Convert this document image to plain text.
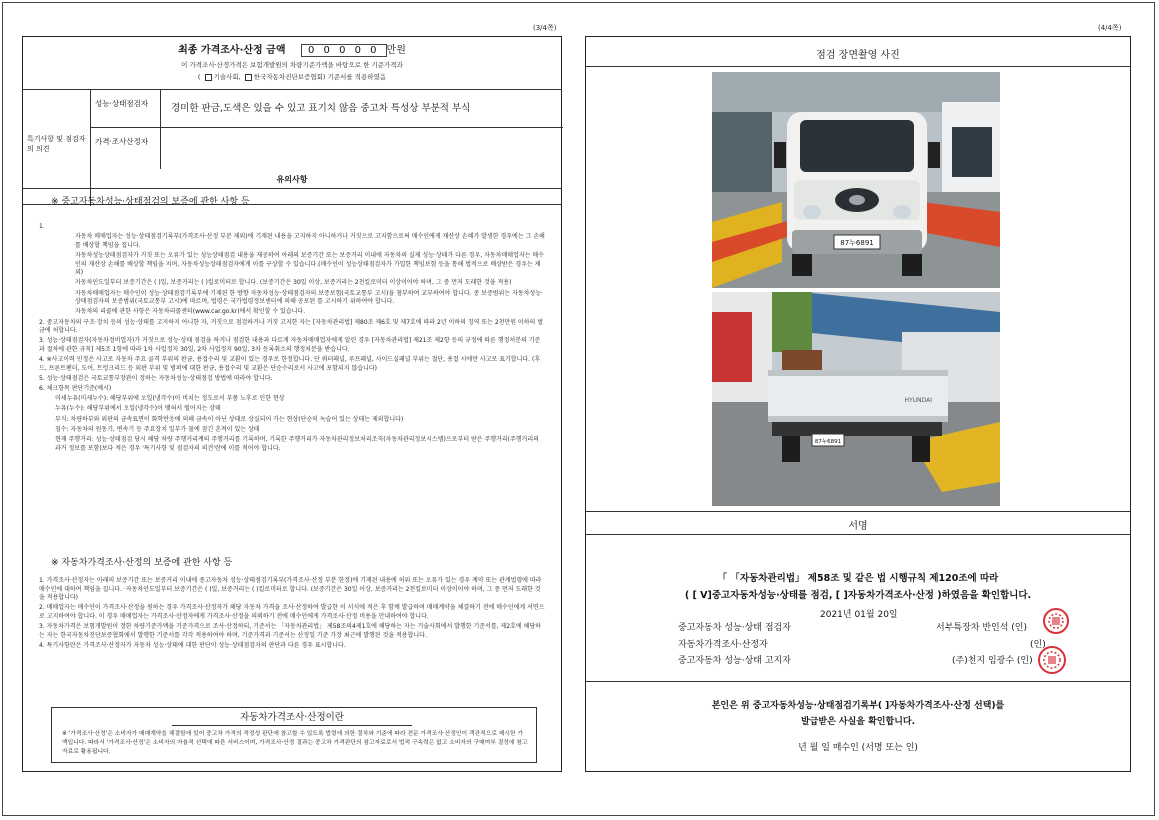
(3/4쪽)	(4/4쪽)
최종 가격조사·산정 금액 0 0 0 0 0 만원
이 가격조사·산정가격은 보험개발원의 차량기준가액을 바탕으로 한 기준가격과
( 기술사회, 한국자동차진단보증협회) 기준서를 적용하였음
특기사항 및 점검자의 의견
성능·상태점검자	경미한 판금,도색은 있을 수 있고 표기치 않음 중고차 특성상 부분적 부식
가격·조사산정자
유의사항
※ 중고자동차성능·상태점검의 보증에 관한 사항 등

1.

자동차 매매업자는 성능·상태점검기록부(가격조사·산정 부분 제외)에 기재된 내용을 고지하지 아니하거나 거짓으로 고지함으로써 매수인에게 재산상 손해가 발생한 경우에는 그 손해를 배상할 책임을 집니다.

자동차성능상태점검자가 거짓 또는 오류가 있는 성능상태점검 내용을 제공하여 아래의 보증기간 또는 보증거리 이내에 자동차의 실제 성능·상태가 다른 경우, 자동차매매업자는 매수인의 재산상 손해를 배상할 책임을 지며, 자동차성능상태점검자에게 이를 구상할 수 있습니다.(매수인이 성능상태점검자가 가입한 책임보험 등을 통해 법적으로 배상받은 경우는 제외)

자동차인도일부터 보증기간은 ( )일, 보증거리는 ( )킬로미터로 합니다. (보증기간은 30일 이상, 보증거리는 2천킬로미터 이상이어야 하며, 그 중 먼저 도래한 것을 적용)

자동차매매업자는 매수인이 성능·상태점검기록부에 기재된 한 방향 자동차성능·상태점검자의 보증보험(국토교통부 고시)을 첨부하여 교부하여야 합니다. 중 보증범위는 자동차성능·상태점검자의 보증범위(국토교통부 고시)에 따르며, 법령은 국가법령정보센터에 의해 공포된 를 고시하기 위하여야 합니다.

자동차의 리콜에 관한 사항은 자동차리콜센터(www.car.go.kr)에서 확인할 수 있습니다.

2. 중고자동차의 구조·장치 등의 성능·상태를 고지하지 아니한 자, 거짓으로 점검하거나 거짓 고지한 자는 [자동차관리법] 제80조 제6호 및 제7호에 따라 2년 이하의 징역 또는 2천만원 이하의 벌금에 처합니다.

3. 성능·상태점검자(자동차정비업자)가 거짓으로 성능·상태 점검을 하거나 점검한 내용과 다르게 자동차매매업자에게 알린 경우 [자동차관리법] 제21조 제2항 등의 규정에 따른 행정처분의 기준과 절차에 관한 규칙] 제5조 1항에 따라 1차 사업정지 30일, 2차 사업정지 90일, 3차 등록취소의 행정처분을 받습니다.

4. ※사고이력 인정은 사고로 자동차 주요 골격 부위의 판금, 용접수리 및 교환이 있는 경우로 한정합니다. 단 쿼터패널, 루프패널, 사이드실패널 부위는 절단, 용접 시에만 사고로 표기합니다. (후드, 프론트펜더, 도어, 트렁크리드 등 외판 부위 및 범퍼에 대한 판금, 용접수리 및 교환은 단순수리로서 사고에 포함되지 않습니다)

5. 성능·상태점검은 국토교통부장관이 정하는 자동차성능·상태점검 방법에 따라야 합니다.

6. 체크항목 판단기준(예시)

미세누유(미세누수): 해당부위에 오일(냉각수)이 비치는 정도로서 부품 노후로 인한 현상

누유(누수): 해당부위에서 오일(냉각수)이 맺혀서 떨어지는 상태

부식: 차량하부와 외판의 금속표면이 화학반응에 의해 금속이 아닌 상태로 상실되어 가는 현상(단순히 녹슬어 있는 상태는 제외합니다)

침수: 자동차의 원동기, 변속기 등 주요장치 일부가 물에 잠긴 흔적이 있는 상태

현재 주행거리: 성능·상태점검 당시 해당 차량 주행거리계의 주행거리를 기록하며, 기록한 주행거리가 자동차관리정보처리조직(자동차관리정보시스템)으로부터 받은 주행거리(주행거리의 과거 정보를 포함)보다 적은 경우 '특기사항 및 점검자의 의견'란에 이를 적어야 합니다.

※ 자동차가격조사·산정의 보증에 관한 사항 등

1. 가격조사·산정자는 아래의 보증기간 또는 보증거리 이내에 중고자동차 성능·상태점검기록부(가격조사·산정 부분 한정)에 기재된 내용에 허위 또는 오류가 있는 경우 계약 또는 관계법령에 따라 매수인에 대하여 책임을 집니다. ·자동차인도일부터 보증기간은 ( )일, 보증거리는 ( )킬로미터로 합니다. (보증기간은 30일 이상, 보증거리는 2천킬로미터 이상이어야 하며, 그 중 먼저 도래한 것을 적용합니다)

2. 매매업자는 매수인이 가격조사·산정을 원하는 경우 가격조사·산정자가 해당 자동차 가격을 조사·산정하여 발급한 이 서식에 적은 후 함께 발급하며 매매계약을 체결하기 전에 매수인에게 서면으로 고지하여야 합니다. 이 경우 매매업자는 가격조사·산정자에게 가격조사·산정을 의뢰하기 전에 매수인에게 가격조사·산정 비용을 안내하여야 합니다.

3. 자동차가격은 보험개발원이 정한 차량기준가액을 기준가격으로 조사·산정하되, 기준서는 「자동차관리법」 제58조의4제1호에 해당하는 자는 기술사회에서 발행한 기준서를, 제2호에 해당하는 자는 한국자동차진단보증협회에서 발행한 기준서를 각각 적용하여야 하며, 기준가격과 기준서는 산정일 기준 가장 최근에 발행된 것을 적용합니다.

4. 특기사항란은 가격조사·산정자가 자동차 성능·상태에 대한 판단이 성능·상태점검자의 판단과 다른 경우 표시합니다.

자동차가격조사·산정이란
※ '가격조사·산정'은 소비자가 매매계약을 체결함에 있어 중고차 가격의 적정성 판단에 참고할 수 있도록 법령에 의한 절차와 기준에 따라 전문 가격조사·산정인이 객관적으로 제시한 가액입니다. 따라서 '가격조사·산정'은 소비자의 자율적 선택에 따른 서비스이며, 가격조사·산정 결과는 중고차 가격판단의 참고자료로서 법적 구속력은 없고 소비자의 구매여부 결정에 참고자료로 활용됩니다.
점검 장면촬영 사진
87누6891
HYUNDAI
87누6891
서명
「 「자동차관리법」 제58조 및 같은 법 시행규칙 제120조에 따라
( [ V]중고자동차성능·상태를 점검, [ ]자동차가격조사·산정 )하였음을 확인합니다.
2021년 01월 20일
중고자동차 성능·상태 점검자	서부특장차 반인석 (인)
자동차가격조사·산정자	(인)
중고자동차 성능·상태 고지자	(주)천지 임광수 (인)
본인은 위 중고자동차성능·상태점검기록부( ]자동차가격조사·산정 선택)를
발급받은 사실을 확인합니다.
년 월 일 매수인 (서명 또는 인)
